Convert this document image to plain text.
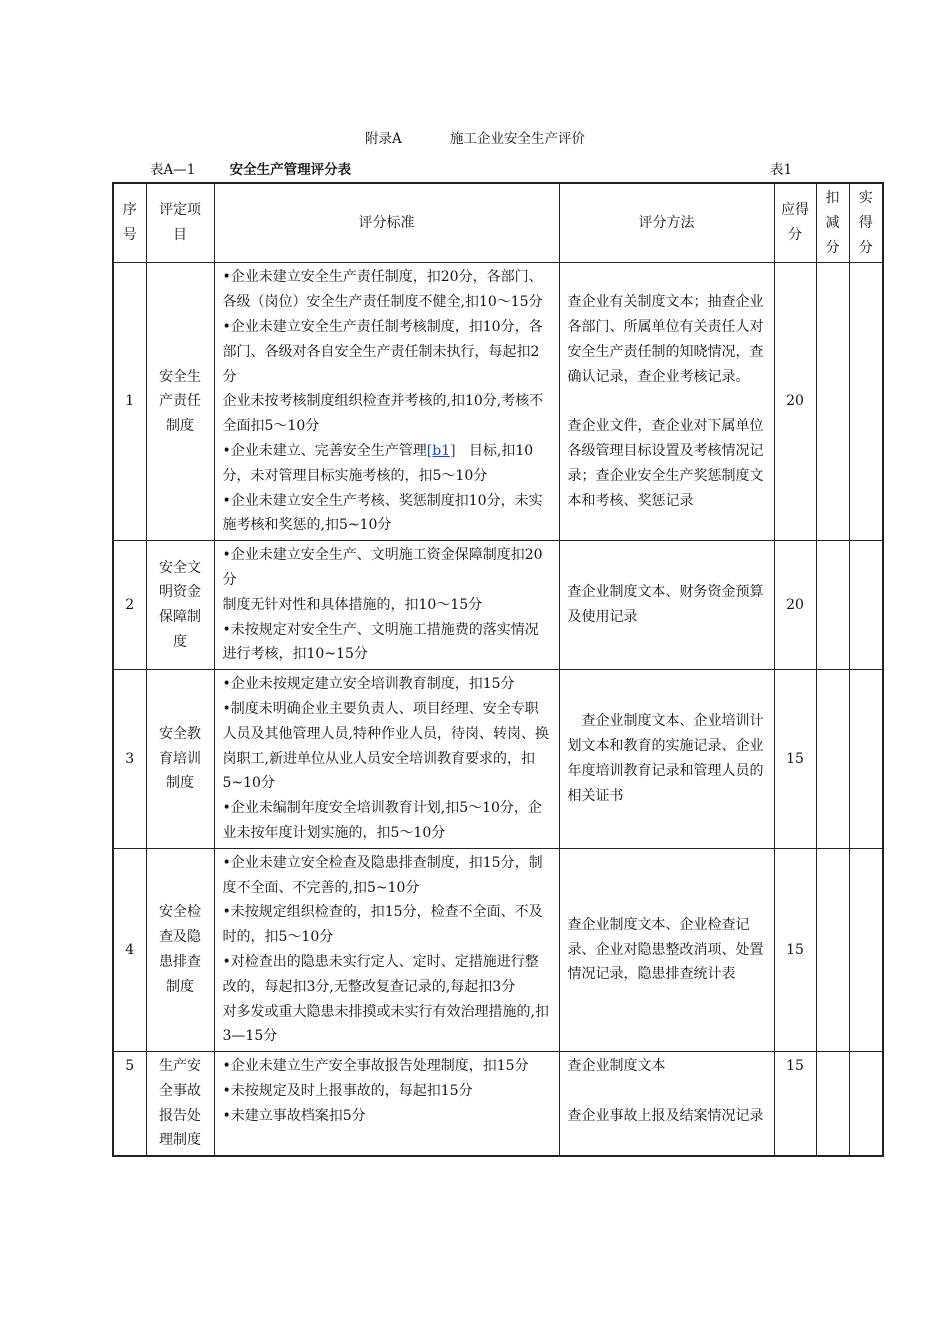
附录A	施工企业安全生产评价
表A—1	安全生产管理评分表	表1
序号	评定项目	评分标准	评分方法	应得分	扣减分	实得分
1	安全生产责任制度	•企业未建立安全生产责任制度，扣20分，各部门、各级（岗位）安全生产责任制度不健全,扣10～15分
•企业未建立安全生产责任制考核制度，扣10分，各部门、各级对各自安全生产责任制未执行，每起扣2分
企业未按考核制度组织检查并考核的,扣10分,考核不全面扣5～10分
•企业未建立、完善安全生产管理[b1] 目标,扣10分，未对管理目标实施考核的，扣5～10分
•企业未建立安全生产考核、奖惩制度扣10分，未实施考核和奖惩的,扣5~10分	查企业有关制度文本；抽查企业各部门、所属单位有关责任人对安全生产责任制的知晓情况，查确认记录，查企业考核记录。
查企业文件，查企业对下属单位各级管理目标设置及考核情况记录；查企业安全生产奖惩制度文本和考核、奖惩记录	20		
2	安全文明资金保障制度	•企业未建立安全生产、文明施工资金保障制度扣20分
制度无针对性和具体措施的，扣10～15分
•未按规定对安全生产、文明施工措施费的落实情况进行考核，扣10~15分	查企业制度文本、财务资金预算及使用记录	20		
3	安全教育培训制度	•企业未按规定建立安全培训教育制度，扣15分
•制度未明确企业主要负责人、项目经理、安全专职人员及其他管理人员,特种作业人员，待岗、转岗、换岗职工,新进单位从业人员安全培训教育要求的，扣5~10分
•企业未编制年度安全培训教育计划,扣5～10分，企业未按年度计划实施的，扣5～10分	查企业制度文本、企业培训计划文本和教育的实施记录、企业年度培训教育记录和管理人员的相关证书	15		
4	安全检查及隐患排查制度	•企业未建立安全检查及隐患排查制度，扣15分，制度不全面、不完善的,扣5~10分
•未按规定组织检查的，扣15分，检查不全面、不及时的，扣5～10分
•对检查出的隐患未实行定人、定时、定措施进行整改的，每起扣3分,无整改复查记录的,每起扣3分
对多发或重大隐患未排摸或未实行有效治理措施的,扣3—15分	查企业制度文本、企业检查记录、企业对隐患整改消项、处置情况记录，隐患排查统计表	15		
5	生产安全事故报告处理制度	•企业未建立生产安全事故报告处理制度，扣15分
•未按规定及时上报事故的，每起扣15分
•未建立事故档案扣5分	查企业制度文本
查企业事故上报及结案情况记录	15		
